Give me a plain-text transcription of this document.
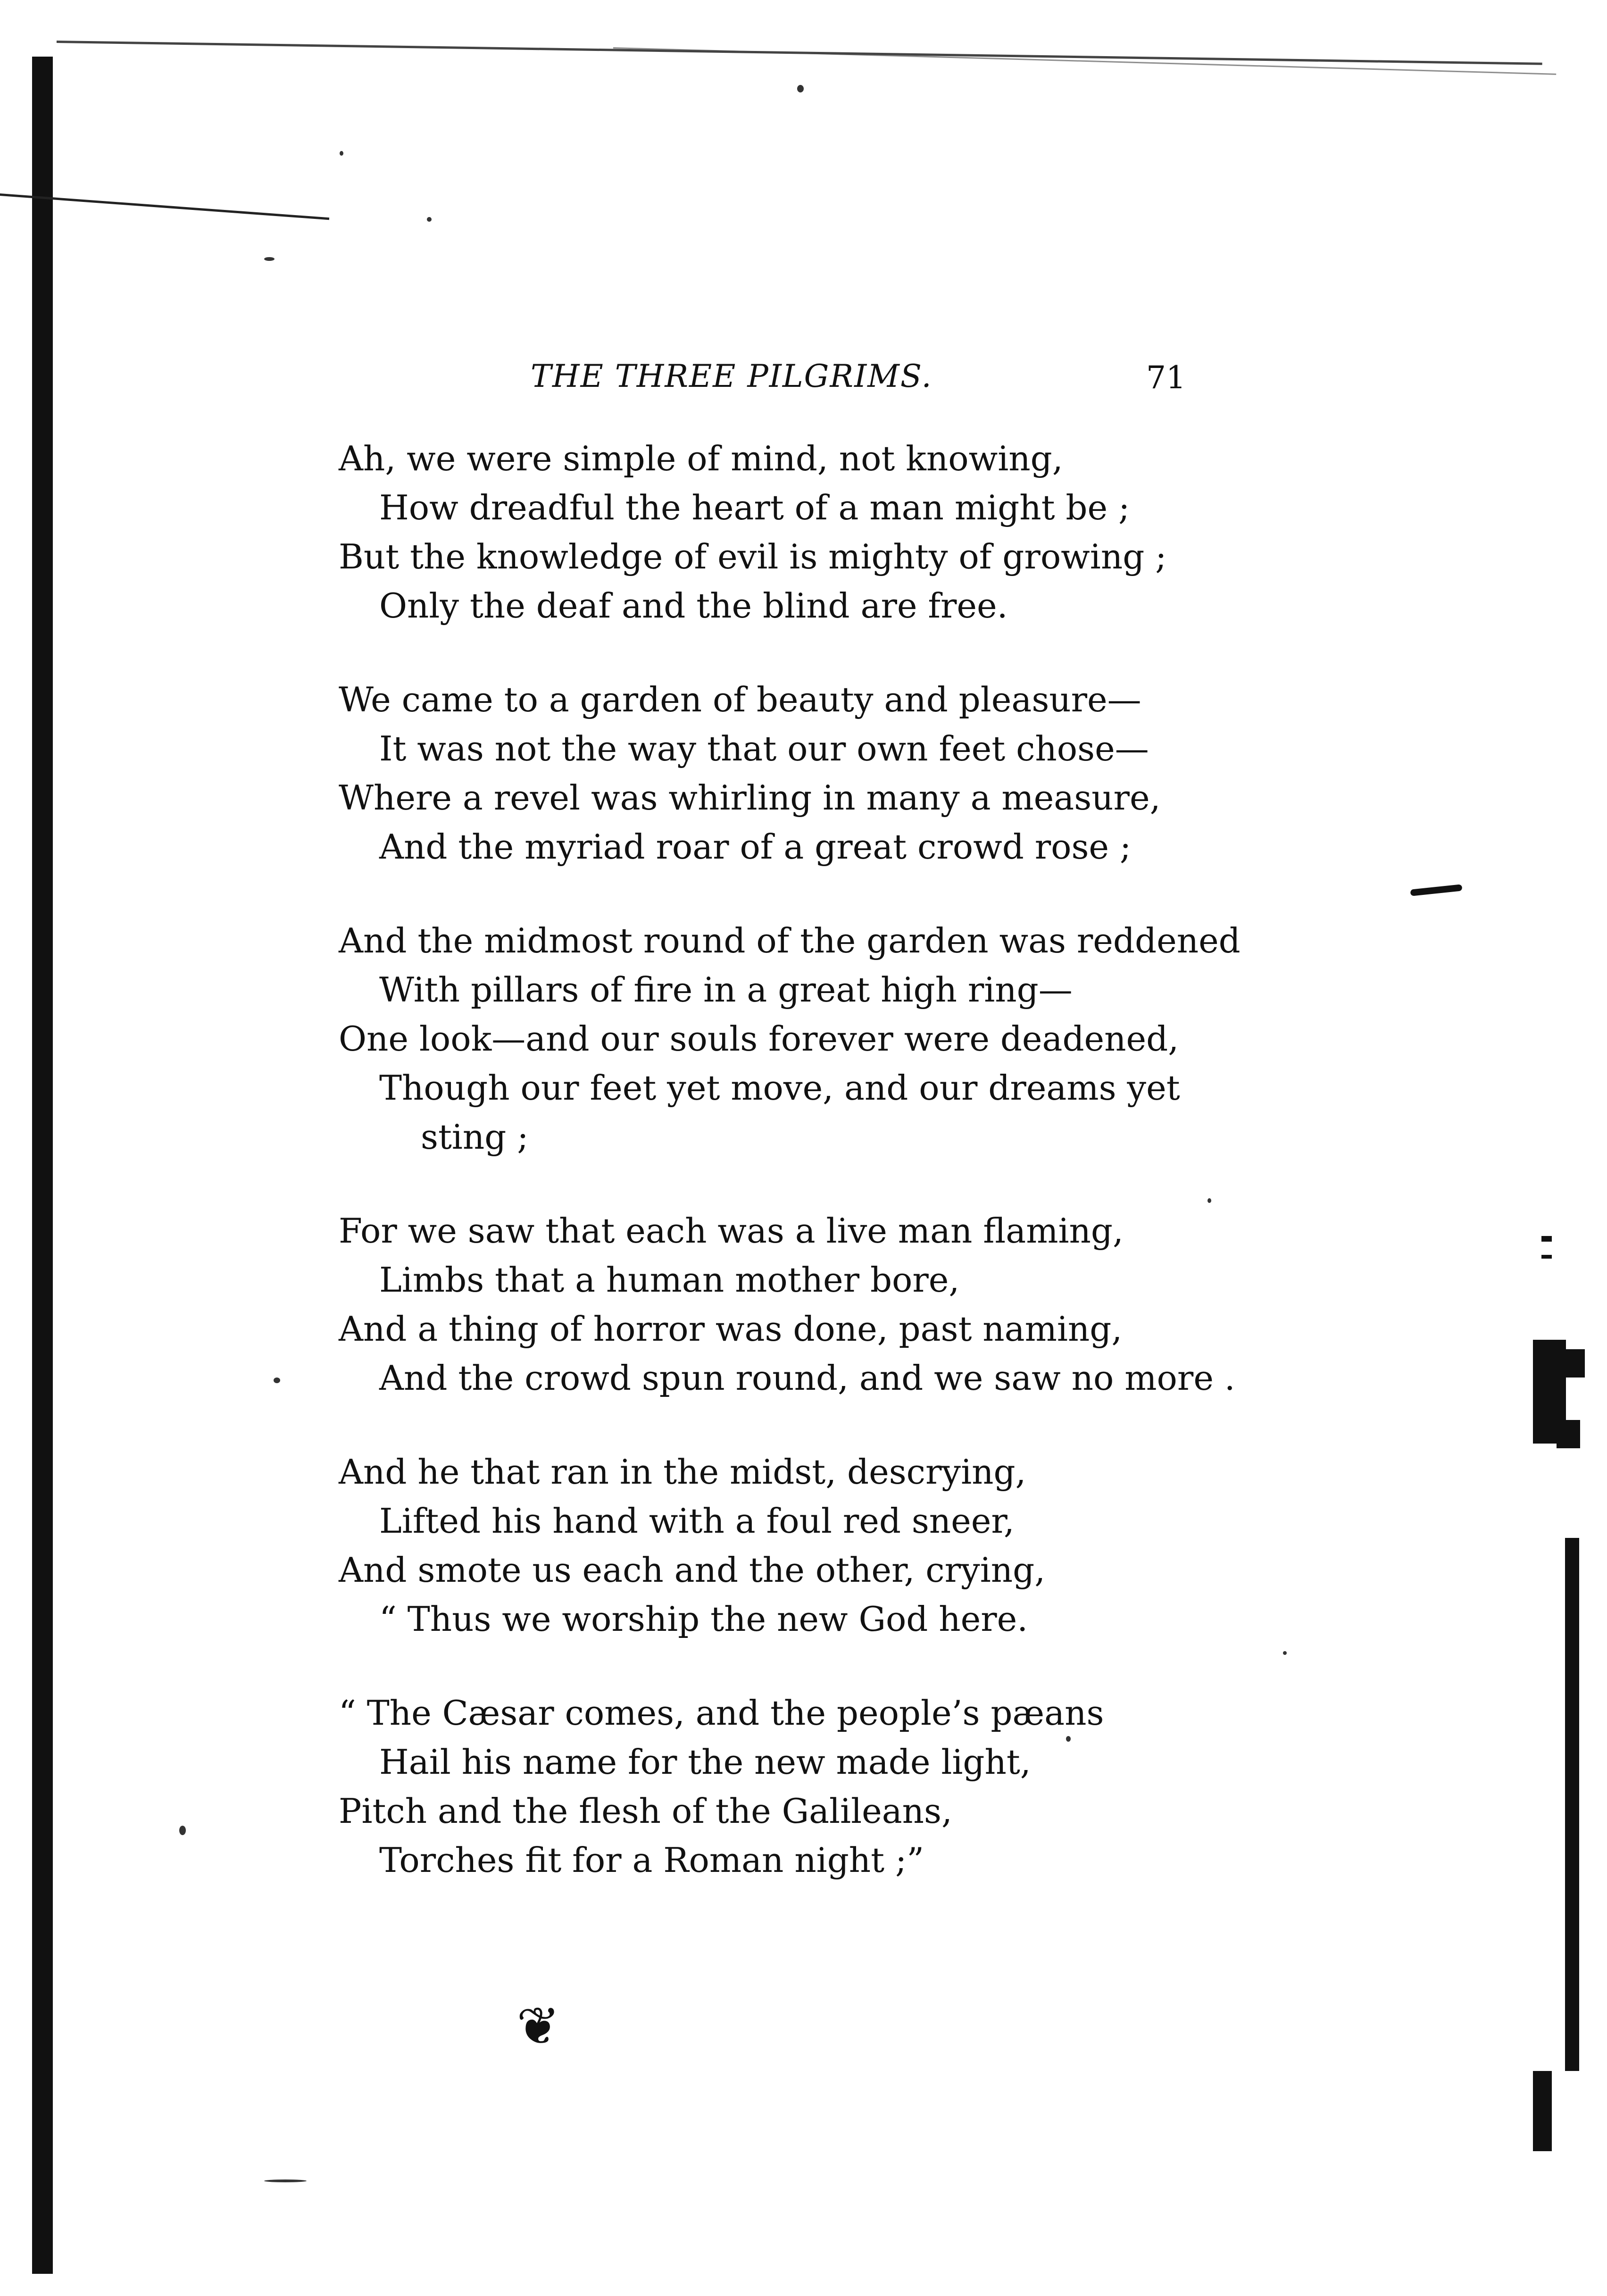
❦
THE THREE PILGRIMS.	71

Ah, we were simple of mind, not knowing,

How dreadful the heart of a man might be ;

But the knowledge of evil is mighty of growing ;

Only the deaf and the blind are free.

We came to a garden of beauty and pleasure—

It was not the way that our own feet chose—

Where a revel was whirling in many a measure,

And the myriad roar of a great crowd rose ;

And the midmost round of the garden was reddened

With pillars of fire in a great high ring—

One look—and our souls forever were deadened,

Though our feet yet move, and our dreams yet

sting ;

For we saw that each was a live man flaming,

Limbs that a human mother bore,

And a thing of horror was done, past naming,

And the crowd spun round, and we saw no more .

And he that ran in the midst, descrying,

Lifted his hand with a foul red sneer,

And smote us each and the other, crying,

“ Thus we worship the new God here.

“ The Cæsar comes, and the people’s pæans

Hail his name for the new made light,

Pitch and the flesh of the Galileans,

Torches fit for a Roman night ;”
